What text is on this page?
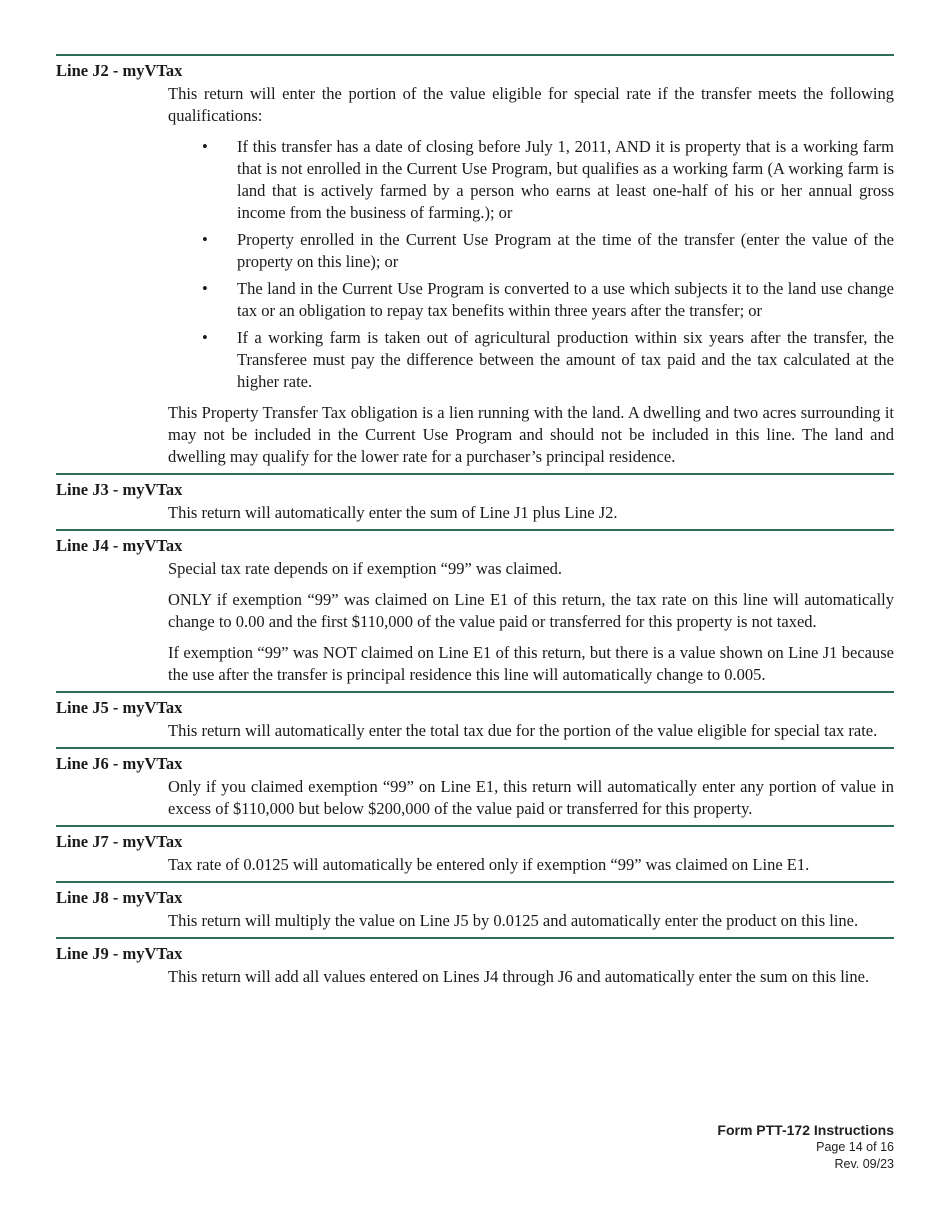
Line J2 - myVTax

This return will enter the portion of the value eligible for special rate if the transfer meets the following qualifications:

• If this transfer has a date of closing before July 1, 2011, AND it is property that is a working farm that is not enrolled in the Current Use Program, but qualifies as a working farm (A working farm is land that is actively farmed by a person who earns at least one-half of his or her annual gross income from the business of farming.); or
• Property enrolled in the Current Use Program at the time of the transfer (enter the value of the property on this line); or
• The land in the Current Use Program is converted to a use which subjects it to the land use change tax or an obligation to repay tax benefits within three years after the transfer; or
• If a working farm is taken out of agricultural production within six years after the transfer, the Transferee must pay the difference between the amount of tax paid and the tax calculated at the higher rate.

This Property Transfer Tax obligation is a lien running with the land. A dwelling and two acres surrounding it may not be included in the Current Use Program and should not be included in this line. The land and dwelling may qualify for the lower rate for a purchaser’s principal residence.

Line J3 - myVTax

This return will automatically enter the sum of Line J1 plus Line J2.

Line J4 - myVTax

Special tax rate depends on if exemption “99” was claimed.

ONLY if exemption “99” was claimed on Line E1 of this return, the tax rate on this line will automatically change to 0.00 and the first $110,000 of the value paid or transferred for this property is not taxed.

If exemption “99” was NOT claimed on Line E1 of this return, but there is a value shown on Line J1 because the use after the transfer is principal residence this line will automatically change to 0.005.

Line J5 - myVTax

This return will automatically enter the total tax due for the portion of the value eligible for special tax rate.

Line J6 - myVTax

Only if you claimed exemption “99” on Line E1, this return will automatically enter any portion of value in excess of $110,000 but below $200,000 of the value paid or transferred for this property.

Line J7 - myVTax

Tax rate of 0.0125 will automatically be entered only if exemption “99” was claimed on Line E1.

Line J8 - myVTax

This return will multiply the value on Line J5 by 0.0125 and automatically enter the product on this line.

Line J9 - myVTax

This return will add all values entered on Lines J4 through J6 and automatically enter the sum on this line.

Form PTT-172 Instructions
Page 14 of 16
Rev. 09/23
